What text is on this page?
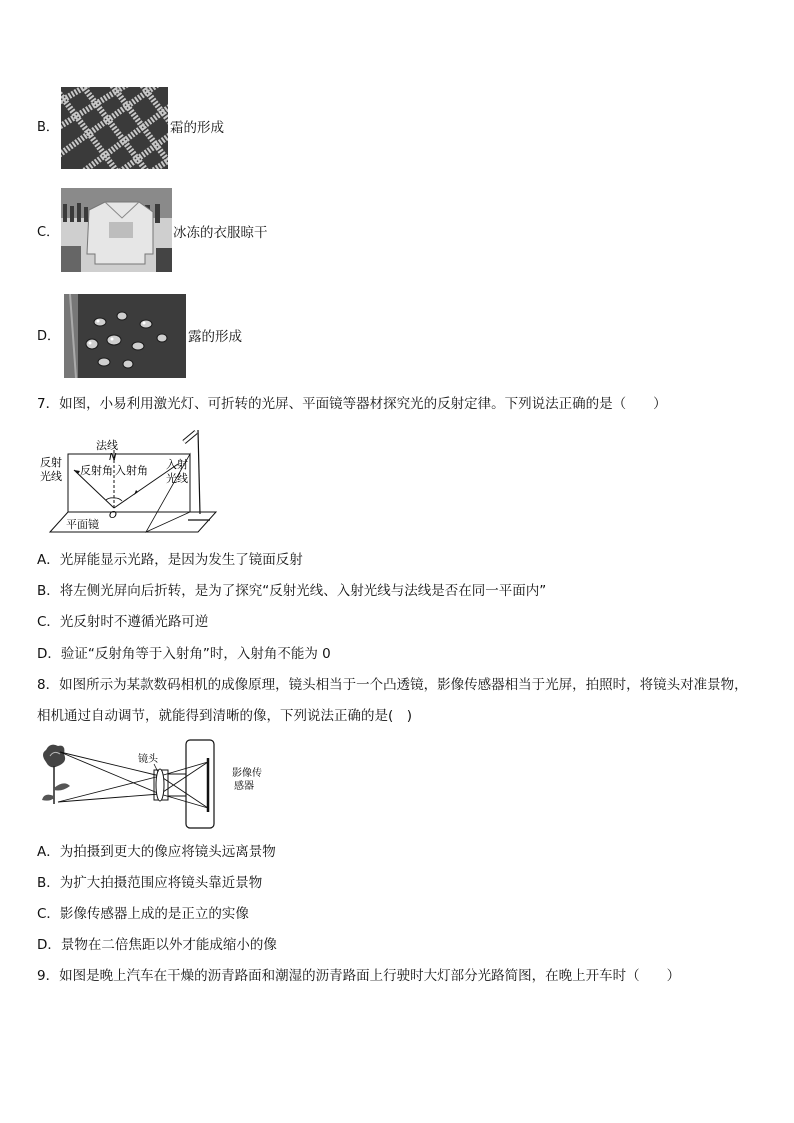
B．	霜的形成
C．	冰冻的衣服晾干
D．	露的形成
7．如图，小易利用激光灯、可折转的光屏、平面镜等器材探究光的反射定律。下列说法正确的是（　　）
法线
N
反射
光线 反射角 入射角 入射
光线
O
平面镜
A．光屏能显示光路，是因为发生了镜面反射
B．将左侧光屏向后折转，是为了探究“反射光线、入射光线与法线是否在同一平面内”
C．光反射时不遵循光路可逆
D．验证“反射角等于入射角”时，入射角不能为 0
8．如图所示为某款数码相机的成像原理，镜头相当于一个凸透镜，影像传感器相当于光屏，拍照时，将镜头对准景物，
相机通过自动调节，就能得到清晰的像，下列说法正确的是(　)
镜头
影像传
感器
A．为拍摄到更大的像应将镜头远离景物
B．为扩大拍摄范围应将镜头靠近景物
C．影像传感器上成的是正立的实像
D．景物在二倍焦距以外才能成缩小的像
9．如图是晚上汽车在干燥的沥青路面和潮湿的沥青路面上行驶时大灯部分光路简图，在晚上开车时（　　）
